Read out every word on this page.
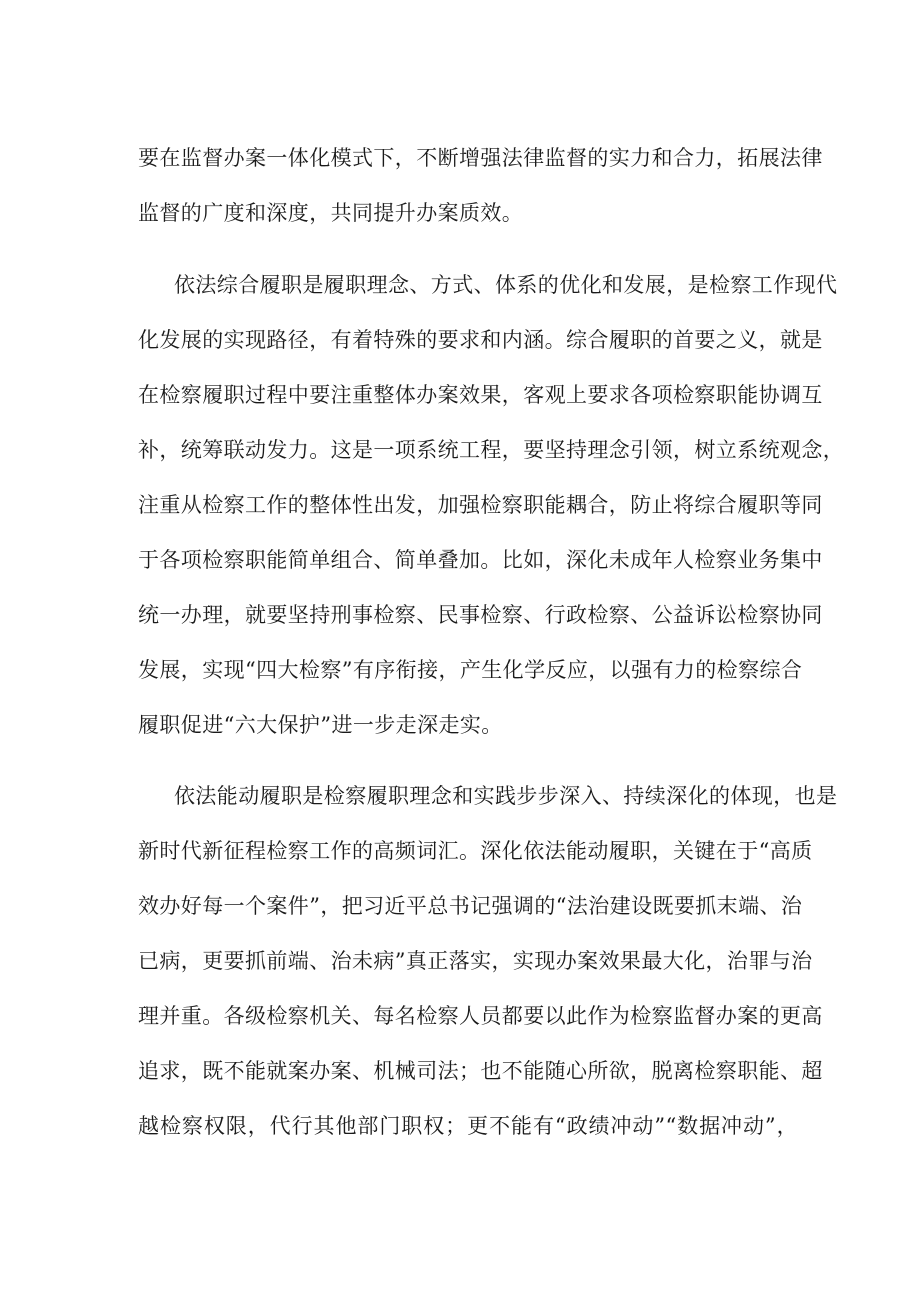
要在监督办案一体化模式下，不断增强法律监督的实力和合力，拓展法律
监督的广度和深度，共同提升办案质效。
依法综合履职是履职理念、方式、体系的优化和发展，是检察工作现代
化发展的实现路径，有着特殊的要求和内涵。综合履职的首要之义，就是
在检察履职过程中要注重整体办案效果，客观上要求各项检察职能协调互
补，统筹联动发力。这是一项系统工程，要坚持理念引领，树立系统观念，
注重从检察工作的整体性出发，加强检察职能耦合，防止将综合履职等同
于各项检察职能简单组合、简单叠加。比如，深化未成年人检察业务集中
统一办理，就要坚持刑事检察、民事检察、行政检察、公益诉讼检察协同
发展，实现“四大检察”有序衔接，产生化学反应，以强有力的检察综合
履职促进“六大保护”进一步走深走实。
依法能动履职是检察履职理念和实践步步深入、持续深化的体现，也是
新时代新征程检察工作的高频词汇。深化依法能动履职，关键在于“高质
效办好每一个案件”，把习近平总书记强调的“法治建设既要抓末端、治
已病，更要抓前端、治未病”真正落实，实现办案效果最大化，治罪与治
理并重。各级检察机关、每名检察人员都要以此作为检察监督办案的更高
追求，既不能就案办案、机械司法；也不能随心所欲，脱离检察职能、超
越检察权限，代行其他部门职权；更不能有“政绩冲动”“数据冲动”，
